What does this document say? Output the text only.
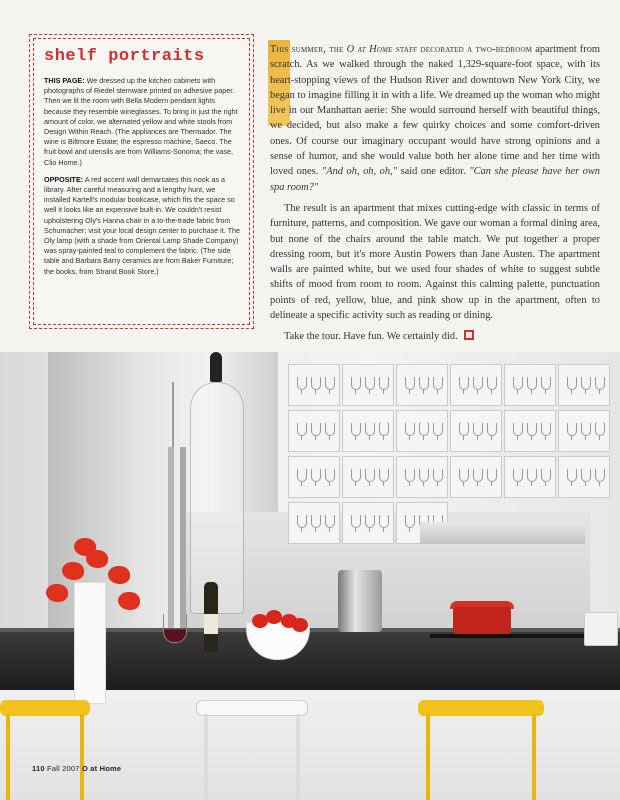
shelf portraits

THIS PAGE: We dressed up the kitchen cabinets with photographs of Riedel stemware printed on adhesive paper. Then we lit the room with Bella Modern pendant lights because they resemble wineglasses. To bring in just the right amount of color, we alternated yellow and white stools from Design Within Reach. (The appliances are Thermador. The wine is Biltmore Estate; the espresso machine, Saeco. The fruit bowl and utensils are from Williams-Sonoma; the vase, Clio Home.)

OPPOSITE: A red accent wall demarcates this nook as a library. After careful measuring and a lengthy hunt, we installed Kartell's modular bookcase, which fits the space so well it looks like an expensive built-in. We couldn't resist upholstering Oly's Hanna chair in a to-the-trade fabric from Schumacher; visit your local design center to purchase it. The Oly lamp (with a shade from Oriental Lamp Shade Company) was spray-painted teal to complement the fabric. (The side table and Barbara Barry ceramics are from Baker Furniture; the books, from Strand Book Store.)

This summer, the O at Home staff decorated a two-bedroom apartment from scratch. As we walked through the naked 1,329-square-foot space, with its heart-stopping views of the Hudson River and downtown New York City, we began to imagine filling it in with a life. We dreamed up the woman who might live in our Manhattan aerie: She would surround herself with beautiful things, we decided, but also make a few quirky choices and some comfort-driven ones. Of course our imaginary occupant would have strong opinions and a sense of humor, and she would value both her alone time and her time with loved ones. "And oh, oh, oh," said one editor. "Can she please have her own spa room?"

The result is an apartment that mixes cutting-edge with classic in terms of furniture, patterns, and composition. We gave our woman a formal dining area, but none of the chairs around the table match. We put together a proper dressing room, but it's more Austin Powers than Jane Austen. The apartment walls are painted white, but we used four shades of white to suggest subtle shifts of mood from room to room. Against this calming palette, punctuation points of red, yellow, blue, and pink show up in the apartment, often to delineate a specific activity such as reading or dining.

Take the tour. Have fun. We certainly did.

110 Fall 2007 O at Home
